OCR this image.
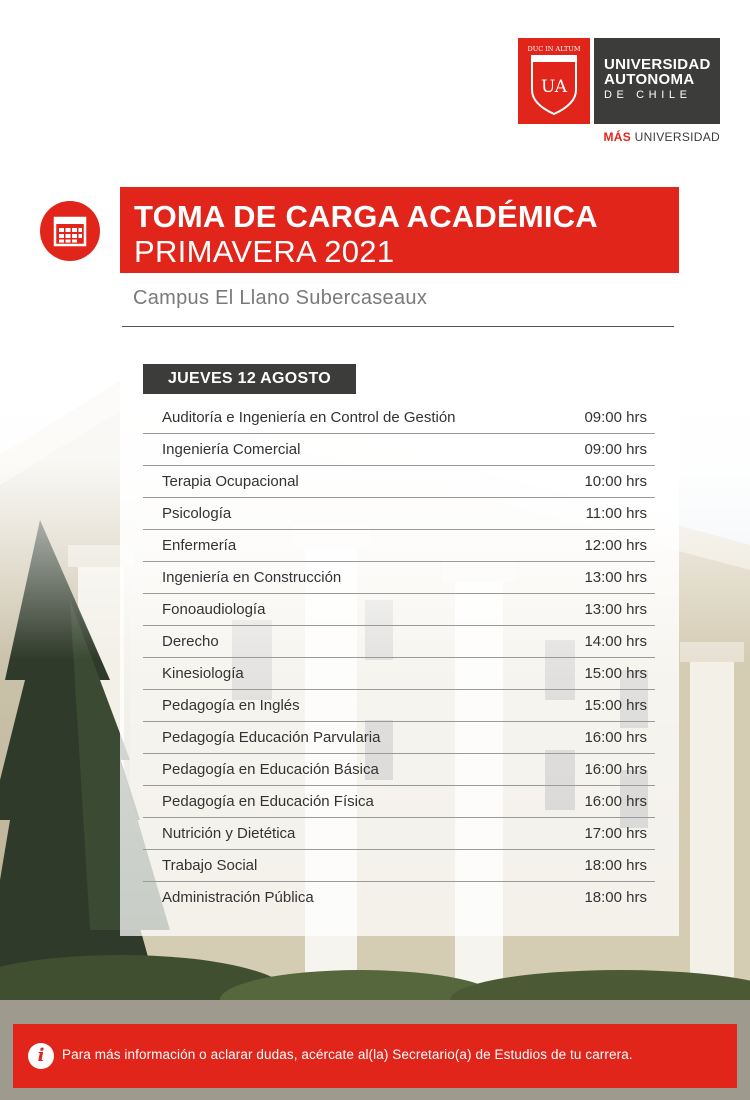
UA
DUC IN ALTUM
UNIVERSIDAD
AUTONOMA
DE CHILE
MÁS UNIVERSIDAD
TOMA DE CARGA ACADÉMICA
PRIMAVERA 2021
Campus El Llano Subercaseaux
JUEVES 12 AGOSTO
Auditoría e Ingeniería en Control de Gestión	09:00 hrs
Ingeniería Comercial	09:00 hrs
Terapia Ocupacional	10:00 hrs
Psicología	11:00 hrs
Enfermería	12:00 hrs
Ingeniería en Construcción	13:00 hrs
Fonoaudiología	13:00 hrs
Derecho	14:00 hrs
Kinesiología	15:00 hrs
Pedagogía en Inglés	15:00 hrs
Pedagogía Educación Parvularia	16:00 hrs
Pedagogía en Educación Básica	16:00 hrs
Pedagogía en Educación Física	16:00 hrs
Nutrición y Dietética	17:00 hrs
Trabajo Social	18:00 hrs
Administración Pública	18:00 hrs
i	Para más información o aclarar dudas, acércate al(la) Secretario(a) de Estudios de tu carrera.
